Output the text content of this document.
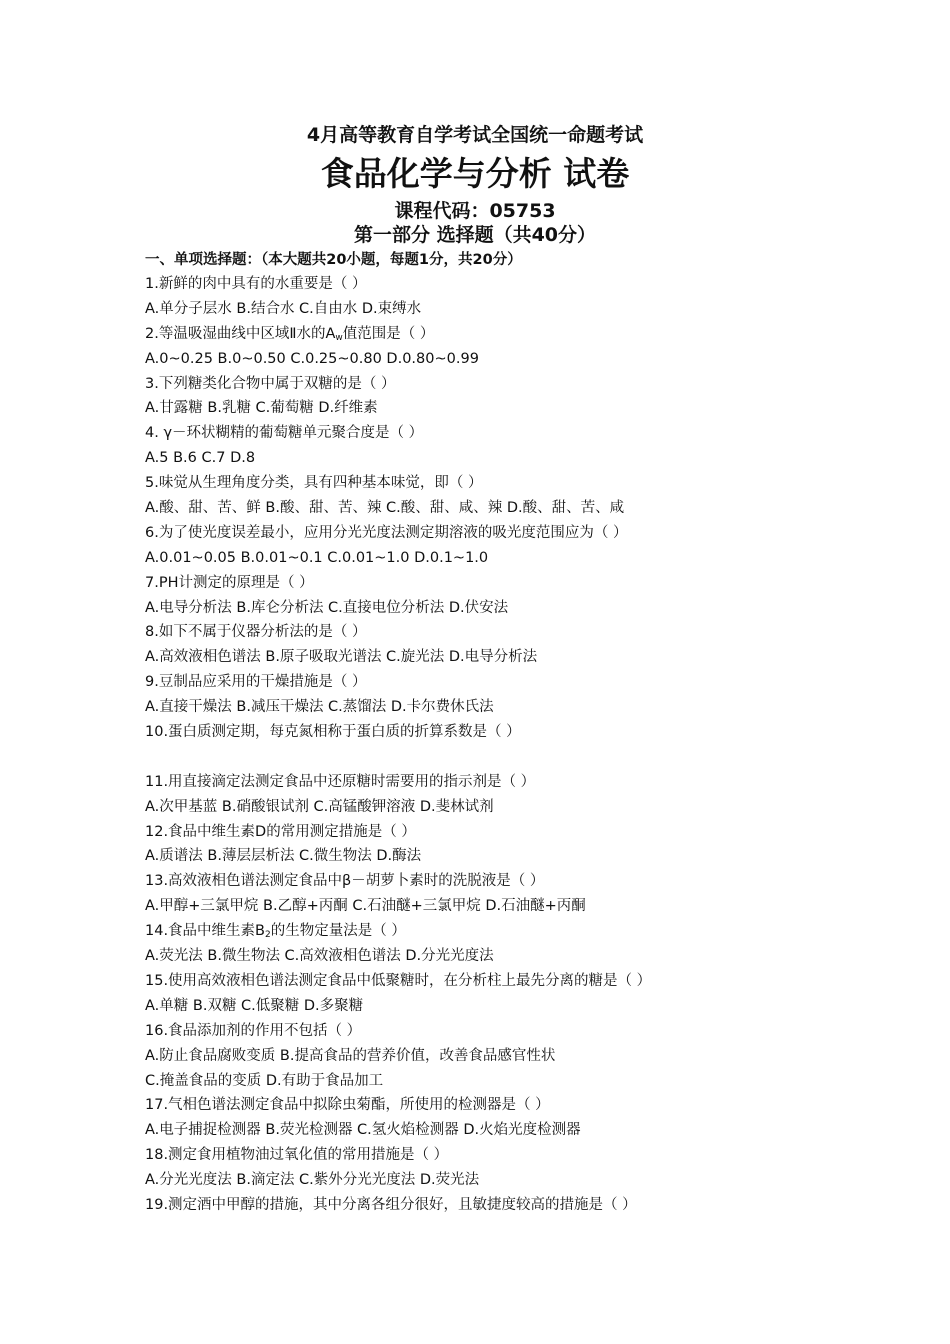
4月高等教育自学考试全国统一命题考试
食品化学与分析 试卷
课程代码：05753
第一部分 选择题（共40分）
一、单项选择题：（本大题共20小题，每题1分，共20分）
1.新鲜的肉中具有的水重要是（ ）
A.单分子层水 B.结合水 C.自由水 D.束缚水
2.等温吸湿曲线中区域Ⅱ水的$A_w$值范围是（ ）
A.0~0.25 B.0~0.50 C.0.25~0.80 D.0.80~0.99
3.下列糖类化合物中属于双糖的是（ ）
A.甘露糖 B.乳糖 C.葡萄糖 D.纤维素
4. γ－环状糊精的葡萄糖单元聚合度是（ ）
A.5 B.6 C.7 D.8
5.味觉从生理角度分类，具有四种基本味觉，即（ ）
A.酸、甜、苦、鲜 B.酸、甜、苦、辣 C.酸、甜、咸、辣 D.酸、甜、苦、咸
6.为了使光度误差最小，应用分光光度法测定期溶液的吸光度范围应为（ ）
A.0.01~0.05 B.0.01~0.1 C.0.01~1.0 D.0.1~1.0
7.PH计测定的原理是（ ）
A.电导分析法 B.库仑分析法 C.直接电位分析法 D.伏安法
8.如下不属于仪器分析法的是（ ）
A.高效液相色谱法 B.原子吸取光谱法 C.旋光法 D.电导分析法
9.豆制品应采用的干燥措施是（ ）
A.直接干燥法 B.减压干燥法 C.蒸馏法 D.卡尔费休氏法
10.蛋白质测定期，每克氮相称于蛋白质的折算系数是（ ）
11.用直接滴定法测定食品中还原糖时需要用的指示剂是（ ）
A.次甲基蓝 B.硝酸银试剂 C.高锰酸钾溶液 D.斐林试剂
12.食品中维生素D的常用测定措施是（ ）
A.质谱法 B.薄层层析法 C.微生物法 D.酶法
13.高效液相色谱法测定食品中β－胡萝卜素时的洗脱液是（ ）
A.甲醇+三氯甲烷 B.乙醇+丙酮 C.石油醚+三氯甲烷 D.石油醚+丙酮
14.食品中维生素$B_2$的生物定量法是（ ）
A.荧光法 B.微生物法 C.高效液相色谱法 D.分光光度法
15.使用高效液相色谱法测定食品中低聚糖时，在分析柱上最先分离的糖是（ ）
A.单糖 B.双糖 C.低聚糖 D.多聚糖
16.食品添加剂的作用不包括（ ）
A.防止食品腐败变质 B.提高食品的营养价值，改善食品感官性状
C.掩盖食品的变质 D.有助于食品加工
17.气相色谱法测定食品中拟除虫菊酯，所使用的检测器是（ ）
A.电子捕捉检测器 B.荧光检测器 C.氢火焰检测器 D.火焰光度检测器
18.测定食用植物油过氧化值的常用措施是（ ）
A.分光光度法 B.滴定法 C.紫外分光光度法 D.荧光法
19.测定酒中甲醇的措施，其中分离各组分很好，且敏捷度较高的措施是（ ）
